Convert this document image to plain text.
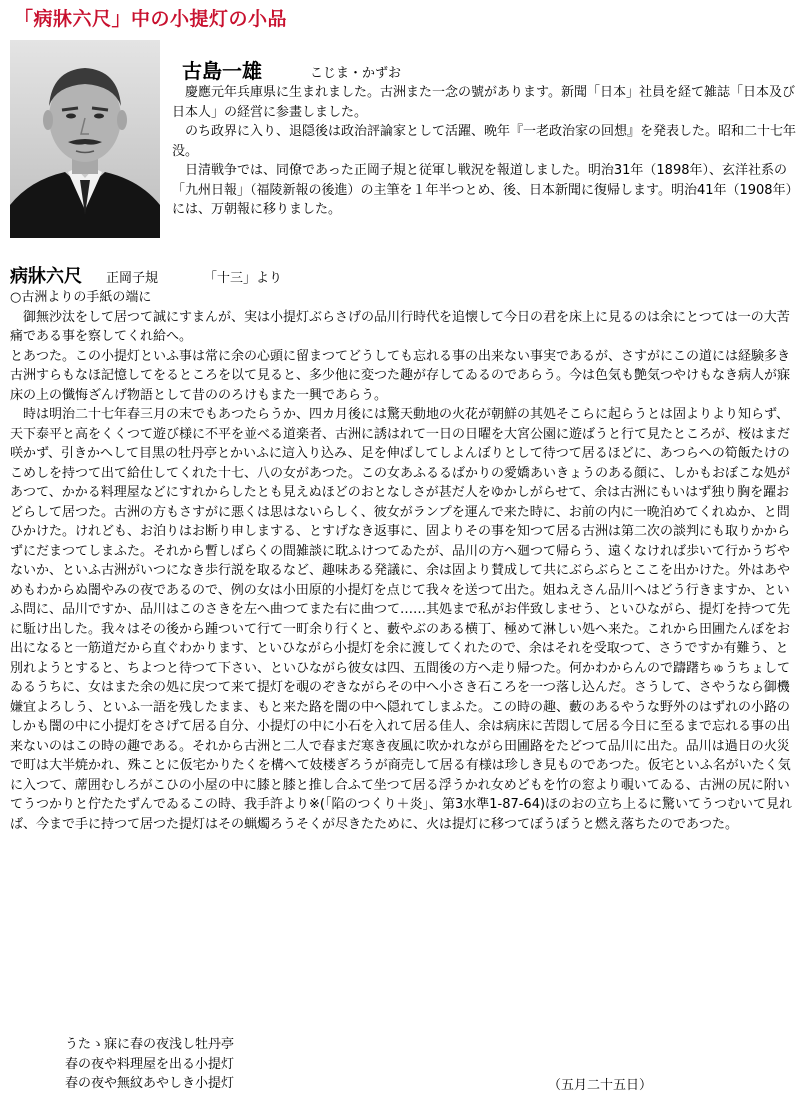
「病牀六尺」中の小提灯の小品
古島一雄	こじま・かずお

　慶應元年兵庫県に生まれました。古洲また一念の號があります。新聞「日本」社員を経て雑誌「日本及び日本人」の経営に参畫しました。

　のち政界に入り、退隠後は政治評論家として活躍、晩年『一老政治家の回想』を発表した。昭和二十七年没。

　日清戦争では、同僚であった正岡子規と従軍し戦況を報道しました。明治31年（1898年）、玄洋社系の「九州日報」（福陵新報の後進）の主筆を１年半つとめ、後、日本新聞に復帰します。明治41年（1908年）には、万朝報に移りました。

病牀六尺 正岡子規	「十三」より

○古洲よりの手紙の端に

　御無沙汰をして居つて誠にすまんが、実は小提灯ぶらさげの品川行時代を追懐して今日の君を床上に見るのは余にとつては一の大苦痛である事を察してくれ給へ。

とあつた。この小提灯といふ事は常に余の心頭に留まつてどうしても忘れる事の出来ない事実であるが、さすがにこの道には経験多き古洲すらもなほ記憶してをるところを以て見ると、多少他に変つた趣が存してゐるのであらう。今は色気も艶気つやけもなき病人が寐床の上の懺悔ざんげ物語として昔ののろけもまた一興であらう。

　時は明治二十七年春三月の末でもあつたらうか、四カ月後には驚天動地の火花が朝鮮の其処そこらに起らうとは固よりより知らず、天下泰平と高をくくつて遊び様に不平を並べる道楽者、古洲に誘はれて一日の日曜を大宮公園に遊ばうと行て見たところが、桜はまだ咲かず、引きかへして目黒の牡丹亭とかいふに這入り込み、足を伸ばしてしよんぼりとして待つて居るほどに、あつらへの筍飯たけのこめしを持つて出て給仕してくれた十七、八の女があつた。この女あふるるばかりの愛嬌あいきょうのある顔に、しかもおぼこな処があつて、かかる料理屋などにすれからしたとも見えぬほどのおとなしさが甚だ人をゆかしがらせて、余は古洲にもいはず独り胸を躍おどらして居つた。古洲の方もさすがに悪くは思はないらしく、彼女がランプを運んで来た時に、お前の内に一晩泊めてくれぬか、と問ひかけた。けれども、お泊りはお断り申しまする、とすげなき返事に、固よりその事を知つて居る古洲は第二次の談判にも取りかからずにだまつてしまふた。それから暫しばらくの間雑談に耽ふけつてゐたが、品川の方へ廻つて帰らう、遠くなければ歩いて行かうぢやないか、といふ古洲がいつになき歩行説を取るなど、趣味ある発議に、余は固より賛成して共にぶらぶらとここを出かけた。外はあやめもわからぬ闇やみの夜であるので、例の女は小田原的小提灯を点じて我々を送つて出た。姐ねえさん品川へはどう行きますか、といふ問に、品川ですか、品川はこのさきを左へ曲つてまた右に曲つて……其処まで私がお伴致しませう、といひながら、提灯を持つて先に駈け出した。我々はその後から踵ついて行て一町余り行くと、藪やぶのある横丁、極めて淋しい処へ来た。これから田圃たんぼをお出になると一筋道だから直ぐわかります、といひながら小提灯を余に渡してくれたので、余はそれを受取つて、さうですか有難う、と別れようとすると、ちよつと待つて下さい、といひながら彼女は四、五間後の方へ走り帰つた。何かわからんので躊躇ちゅうちょしてゐるうちに、女はまた余の処に戻つて来て提灯を覗のぞきながらその中へ小さき石ころを一つ落し込んだ。さうして、さやうなら御機嫌宜よろしう、といふ一語を残したまま、もと来た路を闇の中へ隠れてしまふた。この時の趣、藪のあるやうな野外のはずれの小路のしかも闇の中に小提灯をさげて居る自分、小提灯の中に小石を入れて居る佳人、余は病床に苦悶して居る今日に至るまで忘れる事の出来ないのはこの時の趣である。それから古洲と二人で春まだ寒き夜風に吹かれながら田圃路をたどつて品川に出た。品川は過日の火災で町は大半焼かれ、殊ことに仮宅かりたくを構へて妓楼ぎろうが商売して居る有様は珍しき見ものであつた。仮宅といふ名がいたく気に入つて、蓆囲むしろがこひの小屋の中に膝と膝と推し合ふて坐つて居る浮うかれ女めどもを竹の窓より覗いてゐる、古洲の尻に附いてうつかりと佇たたずんでゐるこの時、我手許より※(「陷のつくり＋炎」、第3水準1-87-64)ほのおの立ち上るに驚いてうつむいて見れば、今まで手に持つて居つた提灯はその蝋燭ろうそくが尽きたために、火は提灯に移つてぼうぼうと燃え落ちたのであつた。

うたゝ寐に春の夜浅し牡丹亭
春の夜や料理屋を出る小提灯
春の夜や無紋あやしき小提灯	（五月二十五日）
